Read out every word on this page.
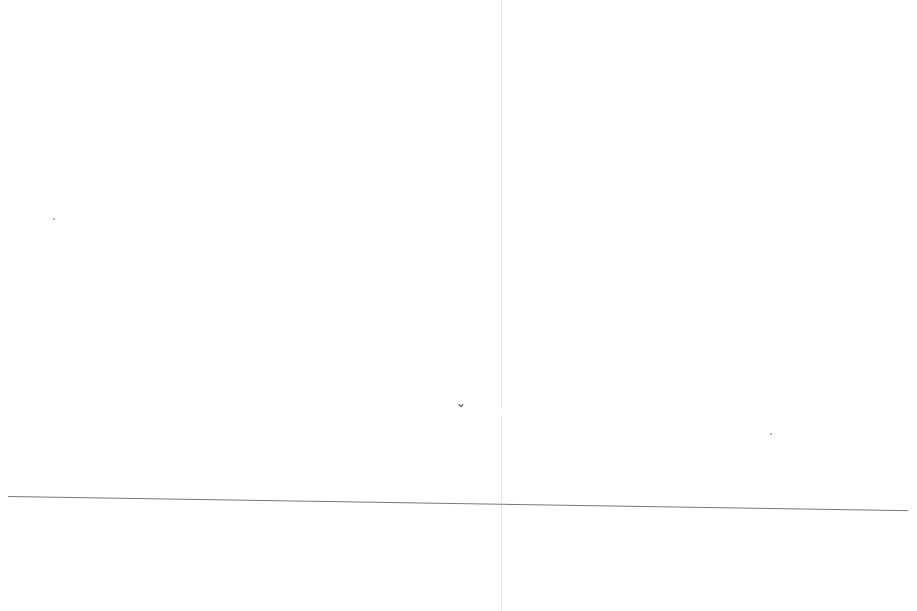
⌄
